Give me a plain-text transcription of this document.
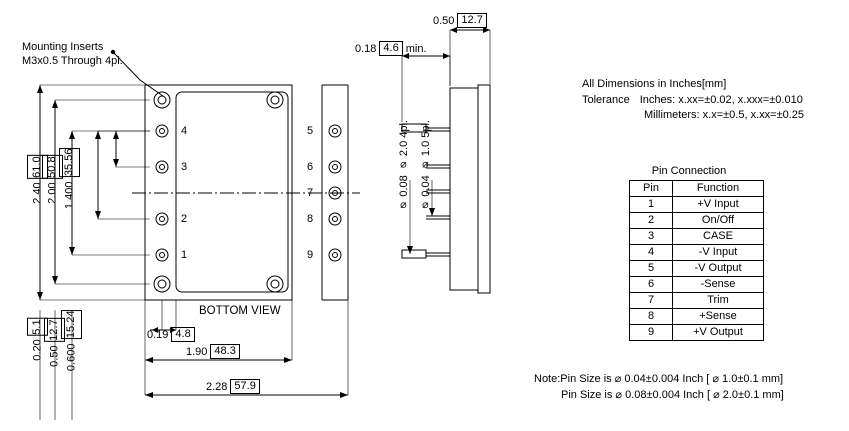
Mounting Inserts
M3x0.5 Through 4pl.
2.40
61.0
2.00
50.8
1.400
35.56
0.20
5.1
0.50
12.7
0.600
15.24	0.19 4.8
1.90 48.3
2.28 57.9
4
3
2
1
5
6
7
8
9
BOTTOM VIEW
0.50 12.7
0.18 4.6 min.
⌀ 0.08 ⌀ 2.0 4pl. ⌀ 0.04 ⌀ 1.0 5pl.
All Dimensions in Inches[mm]
Tolerance Inches: x.xx=±0.02, x.xxx=±0.010
Millimeters: x.x=±0.5, x.xx=±0.25
Pin Connection
Pin	Function
1	+V Input
2	On/Off
3	CASE
4	-V Input
5	-V Output
6	-Sense
7	Trim
8	+Sense
9	+V Output
Note:Pin Size is ⌀ 0.04±0.004 Inch [ ⌀ 1.0±0.1 mm]
Pin Size is ⌀ 0.08±0.004 Inch [ ⌀ 2.0±0.1 mm]
